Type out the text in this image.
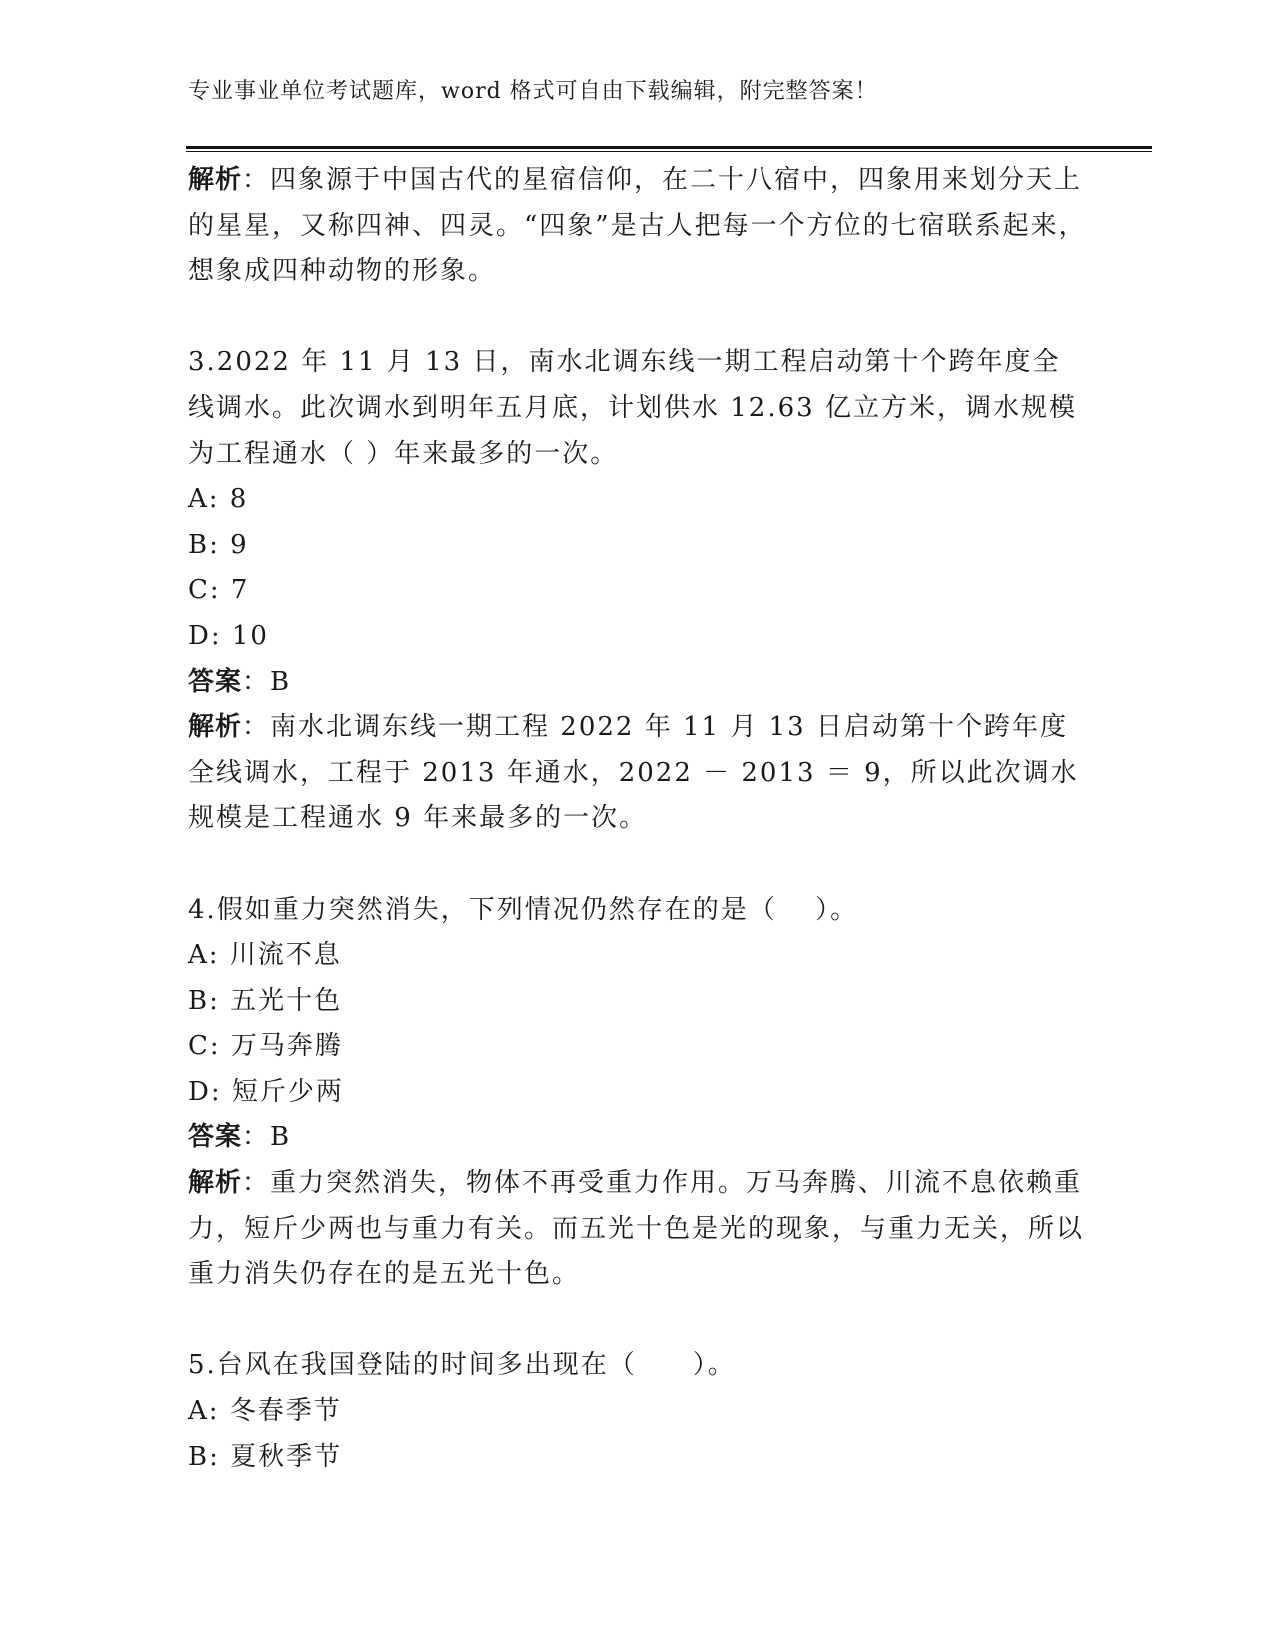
专业事业单位考试题库，word 格式可自由下载编辑，附完整答案！

解析：四象源于中国古代的星宿信仰，在二十八宿中，四象用来划分天上的星星，又称四神、四灵。“四象”是古人把每一个方位的七宿联系起来，想象成四种动物的形象。

3.2022 年 11 月 13 日，南水北调东线一期工程启动第十个跨年度全线调水。此次调水到明年五月底，计划供水 12.63 亿立方米，调水规模为工程通水（ ）年来最多的一次。

A: 8

B: 9

C: 7

D: 10

答案：B

解析：南水北调东线一期工程 2022 年 11 月 13 日启动第十个跨年度全线调水，工程于 2013 年通水，2022 － 2013 ＝ 9，所以此次调水规模是工程通水 9 年来最多的一次。

4.假如重力突然消失，下列情况仍然存在的是（　 ）。

A: 川流不息

B: 五光十色

C: 万马奔腾

D: 短斤少两

答案：B

解析：重力突然消失，物体不再受重力作用。万马奔腾、川流不息依赖重力，短斤少两也与重力有关。而五光十色是光的现象，与重力无关，所以重力消失仍存在的是五光十色。

5.台风在我国登陆的时间多出现在（　　）。

A: 冬春季节

B: 夏秋季节
